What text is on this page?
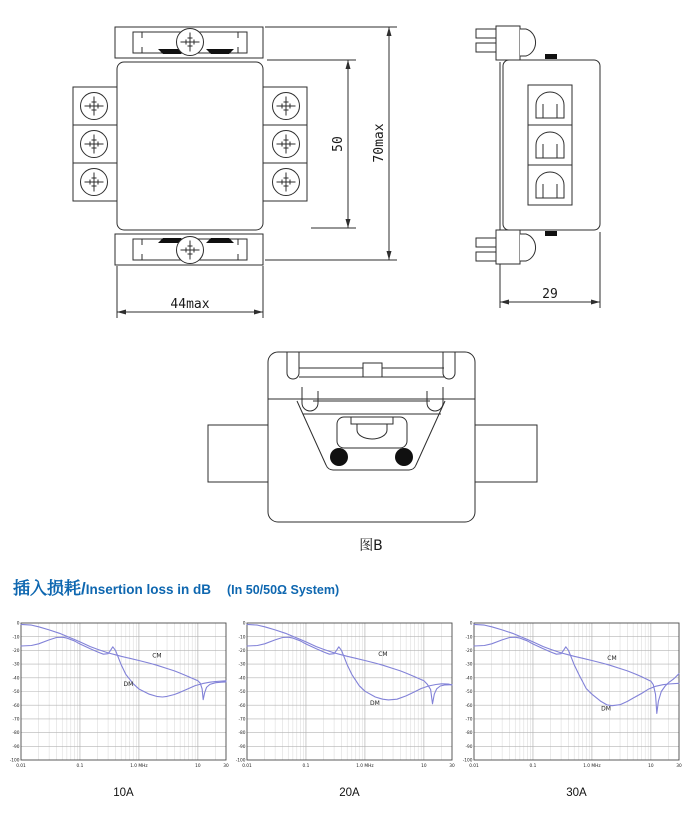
50 70max
44max
29
图B
插入损耗/Insertion loss in dB (In 50/50Ω System)
0
-10
-20
-30
-40
-50
-60
-70
-80
-90
-100
0.01	0.1	1.0 MHz	10	30
CM
DM
0
-10
-20
-30
-40
-50
-60
-70
-80
-90
-100
0.01	0.1	1.0 MHz	10	30
CM
DM
0
-10
-20
-30
-40
-50
-60
-70
-80
-90
-100
0.01	0.1	1.0 MHz	10	30
CM
DM
10A	20A	30A
